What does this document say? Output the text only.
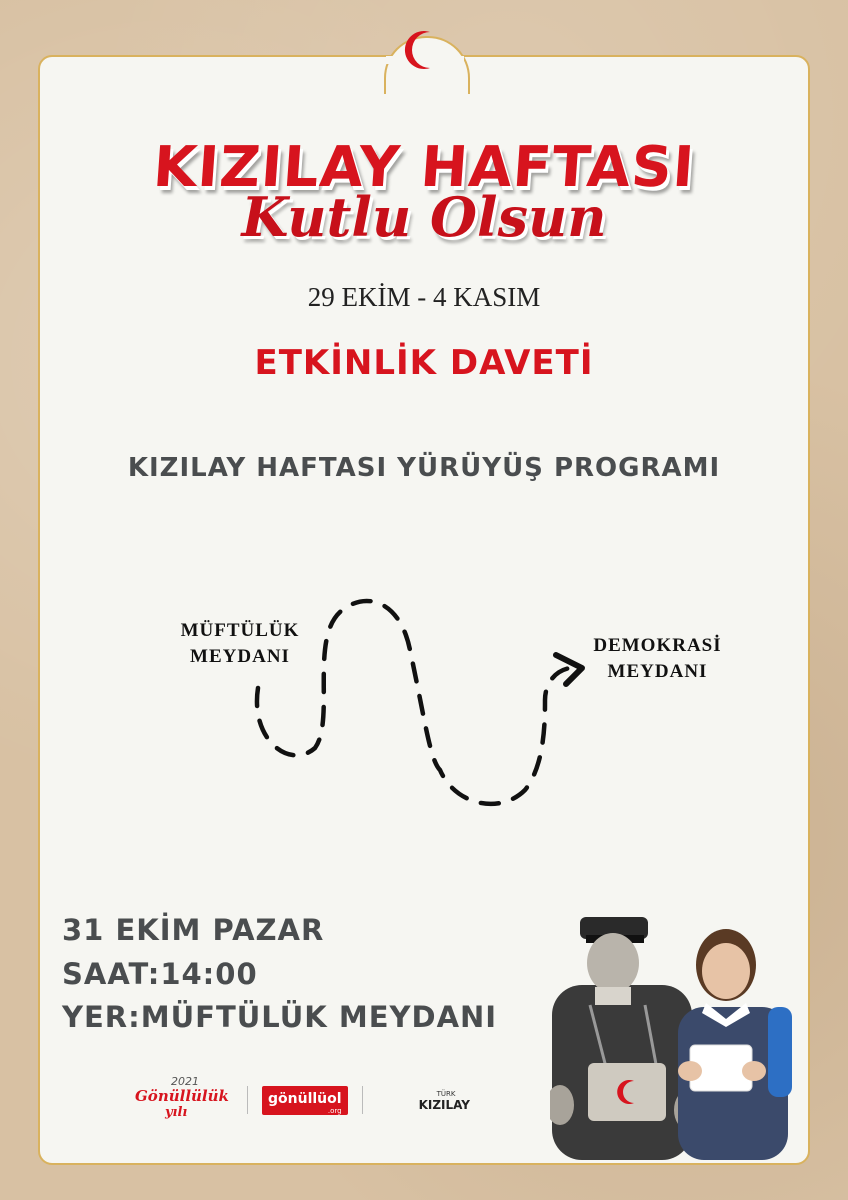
KIZILAY HAFTASI
Kutlu Olsun
29 EKİM - 4 KASIM
ETKİNLİK DAVETİ
KIZILAY HAFTASI YÜRÜYÜŞ PROGRAMI
MÜFTÜLÜK
MEYDANI
DEMOKRASİ
MEYDANI
31 EKİM PAZAR
SAAT:14:00
YER:MÜFTÜLÜK MEYDANI
2021
Gönüllülük
yılı
gönüllüol
.org
TÜRK
KIZILAY
